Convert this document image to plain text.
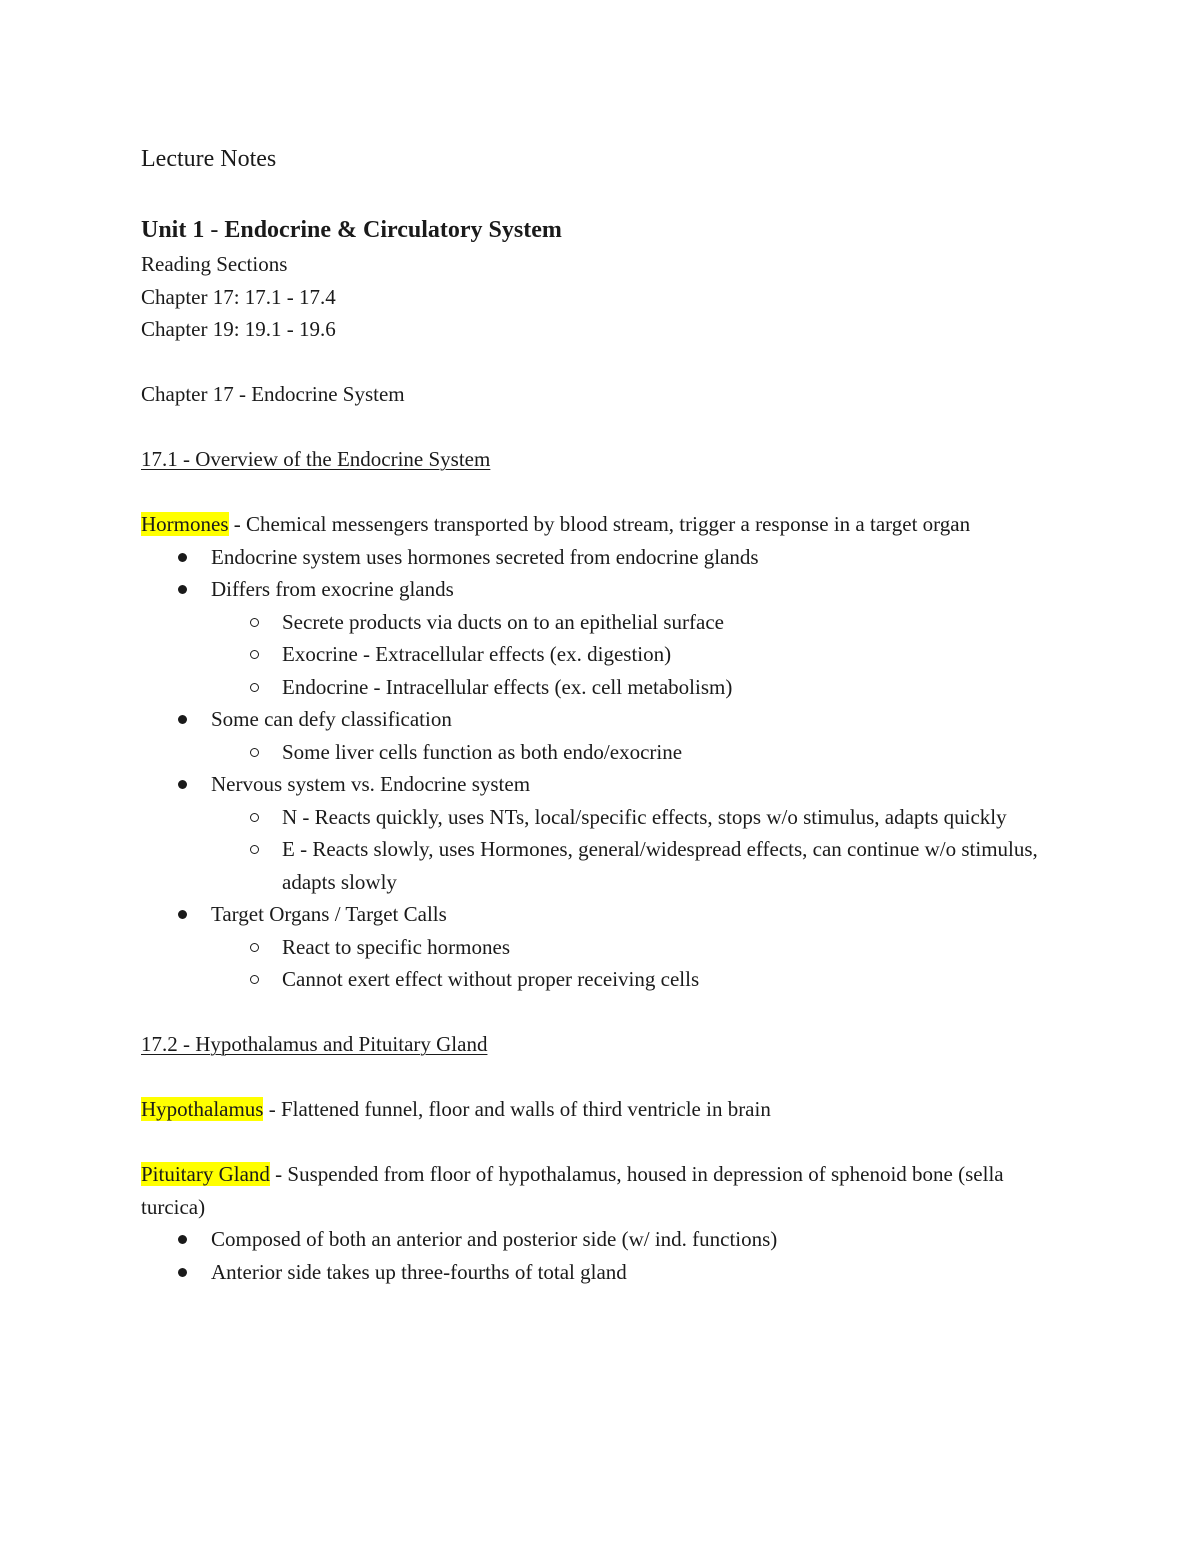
Lecture Notes
Unit 1 - Endocrine & Circulatory System

Reading Sections

Chapter 17: 17.1 - 17.4

Chapter 19: 19.1 - 19.6

Chapter 17 - Endocrine System

17.1 - Overview of the Endocrine System

Hormones - Chemical messengers transported by blood stream, trigger a response in a target organ

Endocrine system uses hormones secreted from endocrine glands
Differs from exocrine glands
Secrete products via ducts on to an epithelial surface
Exocrine - Extracellular effects (ex. digestion)
Endocrine - Intracellular effects (ex. cell metabolism)
Some can defy classification
Some liver cells function as both endo/exocrine
Nervous system vs. Endocrine system
N - Reacts quickly, uses NTs, local/specific effects, stops w/o stimulus, adapts quickly
E - Reacts slowly, uses Hormones, general/widespread effects, can continue w/o stimulus, adapts slowly
Target Organs / Target Calls
React to specific hormones
Cannot exert effect without proper receiving cells

17.2 - Hypothalamus and Pituitary Gland

Hypothalamus - Flattened funnel, floor and walls of third ventricle in brain

Pituitary Gland - Suspended from floor of hypothalamus, housed in depression of sphenoid bone (sella turcica)

Composed of both an anterior and posterior side (w/ ind. functions)
Anterior side takes up three-fourths of total gland
